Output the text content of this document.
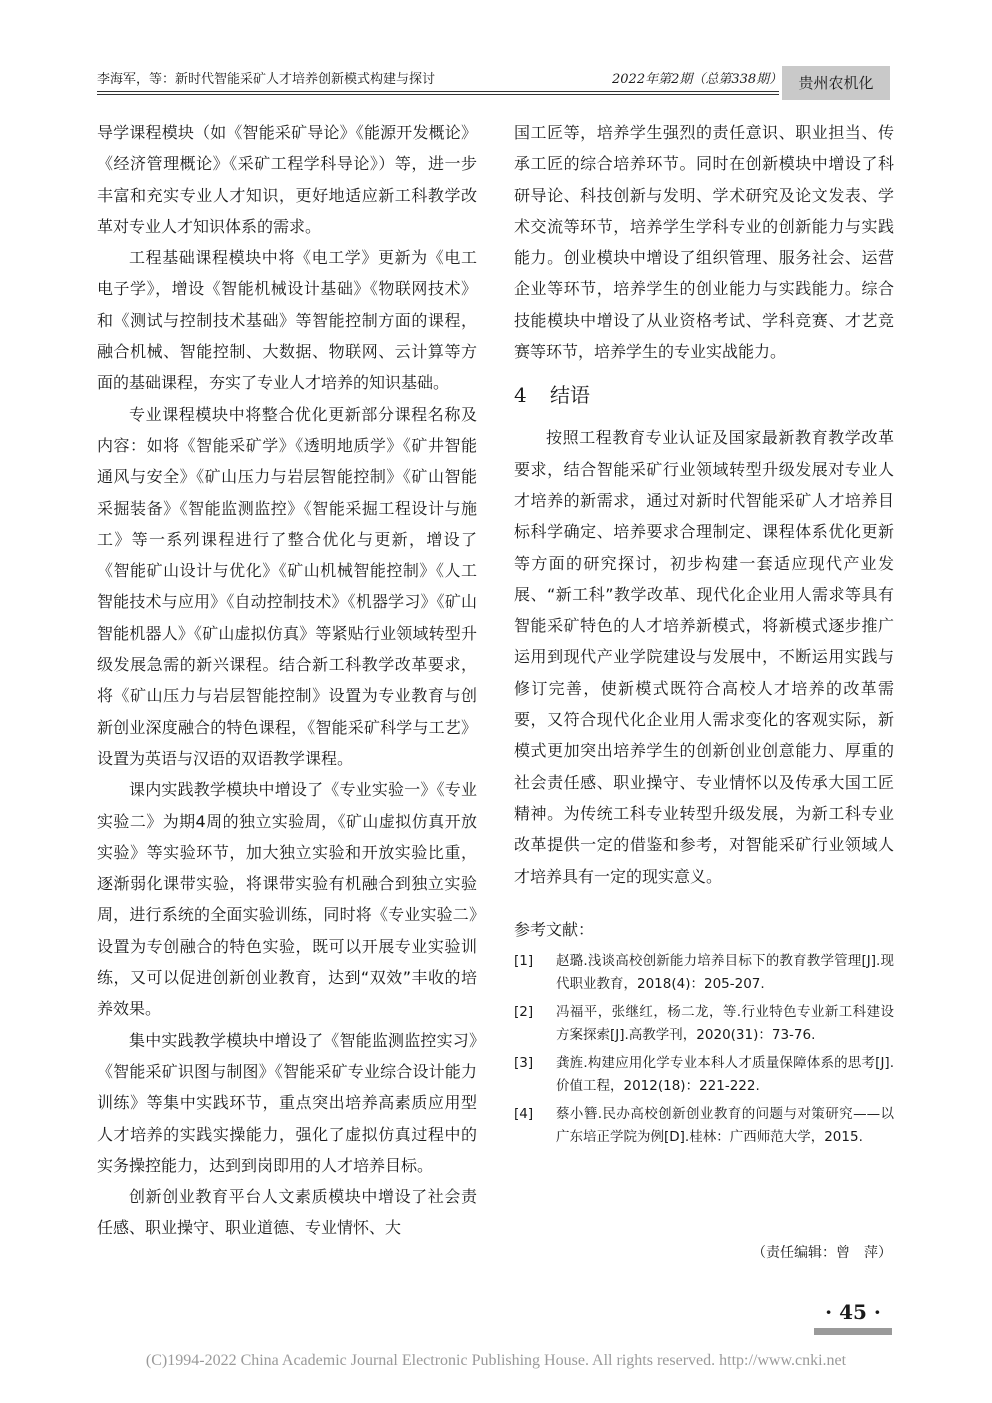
李海军，等：新时代智能采矿人才培养创新模式构建与探讨	2022年第2期（总第338期）	贵州农机化

导学课程模块（如《智能采矿导论》《能源开发概论》《经济管理概论》《采矿工程学科导论》）等，进一步丰富和充实专业人才知识，更好地适应新工科教学改革对专业人才知识体系的需求。

工程基础课程模块中将《电工学》更新为《电工电子学》，增设《智能机械设计基础》《物联网技术》和《测试与控制技术基础》等智能控制方面的课程，融合机械、智能控制、大数据、物联网、云计算等方面的基础课程，夯实了专业人才培养的知识基础。

专业课程模块中将整合优化更新部分课程名称及内容：如将《智能采矿学》《透明地质学》《矿井智能通风与安全》《矿山压力与岩层智能控制》《矿山智能采掘装备》《智能监测监控》《智能采掘工程设计与施工》等一系列课程进行了整合优化与更新，增设了《智能矿山设计与优化》《矿山机械智能控制》《人工智能技术与应用》《自动控制技术》《机器学习》《矿山智能机器人》《矿山虚拟仿真》等紧贴行业领域转型升级发展急需的新兴课程。结合新工科教学改革要求，将《矿山压力与岩层智能控制》设置为专业教育与创新创业深度融合的特色课程，《智能采矿科学与工艺》设置为英语与汉语的双语教学课程。

课内实践教学模块中增设了《专业实验一》《专业实验二》为期4周的独立实验周，《矿山虚拟仿真开放实验》等实验环节，加大独立实验和开放实验比重，逐渐弱化课带实验，将课带实验有机融合到独立实验周，进行系统的全面实验训练，同时将《专业实验二》设置为专创融合的特色实验，既可以开展专业实验训练，又可以促进创新创业教育，达到“双效”丰收的培养效果。

集中实践教学模块中增设了《智能监测监控实习》《智能采矿识图与制图》《智能采矿专业综合设计能力训练》等集中实践环节，重点突出培养高素质应用型人才培养的实践实操能力，强化了虚拟仿真过程中的实务操控能力，达到到岗即用的人才培养目标。

创新创业教育平台人文素质模块中增设了社会责任感、职业操守、职业道德、专业情怀、大

国工匠等，培养学生强烈的责任意识、职业担当、传承工匠的综合培养环节。同时在创新模块中增设了科研导论、科技创新与发明、学术研究及论文发表、学术交流等环节，培养学生学科专业的创新能力与实践能力。创业模块中增设了组织管理、服务社会、运营企业等环节，培养学生的创业能力与实践能力。综合技能模块中增设了从业资格考试、学科竞赛、才艺竞赛等环节，培养学生的专业实战能力。

4 结语

按照工程教育专业认证及国家最新教育教学改革要求，结合智能采矿行业领域转型升级发展对专业人才培养的新需求，通过对新时代智能采矿人才培养目标科学确定、培养要求合理制定、课程体系优化更新等方面的研究探讨，初步构建一套适应现代产业发展、“新工科”教学改革、现代化企业用人需求等具有智能采矿特色的人才培养新模式，将新模式逐步推广运用到现代产业学院建设与发展中，不断运用实践与修订完善，使新模式既符合高校人才培养的改革需要，又符合现代化企业用人需求变化的客观实际，新模式更加突出培养学生的创新创业创意能力、厚重的社会责任感、职业操守、专业情怀以及传承大国工匠精神。为传统工科专业转型升级发展，为新工科专业改革提供一定的借鉴和参考，对智能采矿行业领域人才培养具有一定的现实意义。

参考文献：
[1]	赵璐.浅谈高校创新能力培养目标下的教育教学管理[J].现代职业教育，2018(4)：205-207.
[2]	冯福平，张继红，杨二龙，等.行业特色专业新工科建设方案探索[J].高教学刊，2020(31)：73-76.
[3]	龚旌.构建应用化学专业本科人才质量保障体系的思考[J].价值工程，2012(18)：221-222.
[4]	蔡小簪.民办高校创新创业教育的问题与对策研究——以广东培正学院为例[D].桂林：广西师范大学，2015.
（责任编辑：曾　萍）
· 45 ·
(C)1994-2022 China Academic Journal Electronic Publishing House. All rights reserved. http://www.cnki.net
